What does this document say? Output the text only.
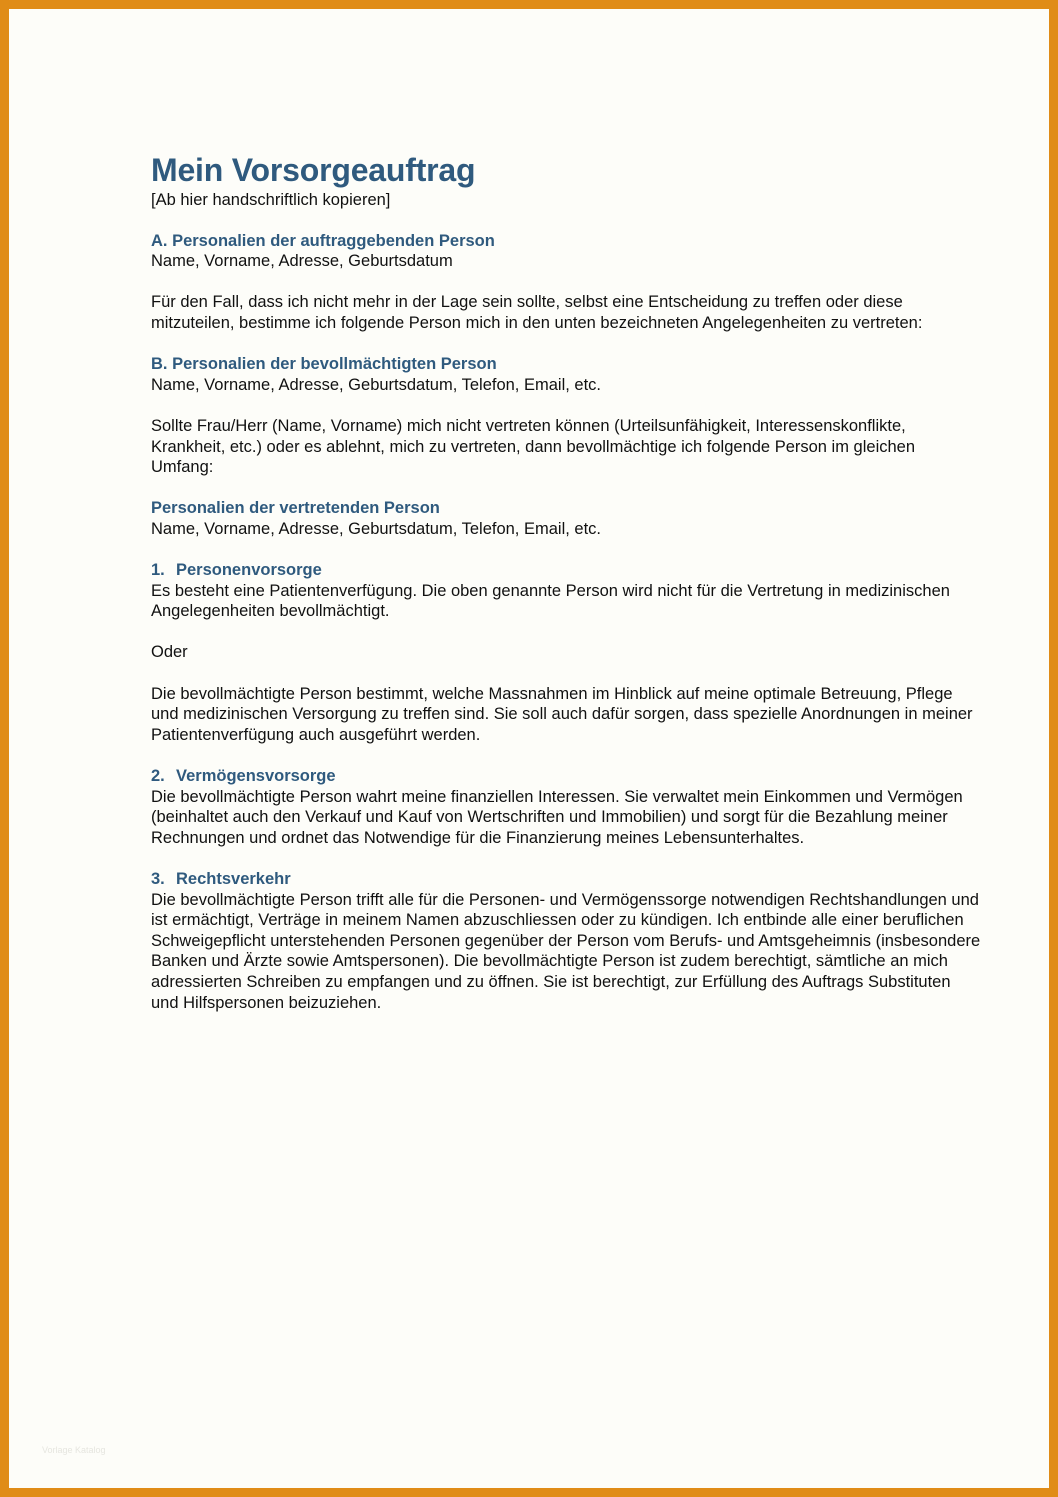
Mein Vorsorgeauftrag
[Ab hier handschriftlich kopieren]
A. Personalien der auftraggebenden Person

Name, Vorname, Adresse, Geburtsdatum

Für den Fall, dass ich nicht mehr in der Lage sein sollte, selbst eine Entscheidung zu treffen oder diese mitzuteilen, bestimme ich folgende Person mich in den unten bezeichneten Angelegenheiten zu vertreten:

B. Personalien der bevollmächtigten Person

Name, Vorname, Adresse, Geburtsdatum, Telefon, Email, etc.

Sollte Frau/Herr (Name, Vorname) mich nicht vertreten können (Urteilsunfähigkeit, Interessenskonflikte, Krankheit, etc.) oder es ablehnt, mich zu vertreten, dann bevollmächtige ich folgende Person im gleichen Umfang:

Personalien der vertretenden Person

Name, Vorname, Adresse, Geburtsdatum, Telefon, Email, etc.

1. Personenvorsorge

Es besteht eine Patientenverfügung. Die oben genannte Person wird nicht für die Vertretung in medizinischen Angelegenheiten bevollmächtigt.

Oder

Die bevollmächtigte Person bestimmt, welche Massnahmen im Hinblick auf meine optimale Betreuung, Pflege und medizinischen Versorgung zu treffen sind. Sie soll auch dafür sorgen, dass spezielle Anordnungen in meiner Patientenverfügung auch ausgeführt werden.

2. Vermögensvorsorge

Die bevollmächtigte Person wahrt meine finanziellen Interessen. Sie verwaltet mein Einkommen und Vermögen (beinhaltet auch den Verkauf und Kauf von Wertschriften und Immobilien) und sorgt für die Bezahlung meiner Rechnungen und ordnet das Notwendige für die Finanzierung meines Lebensunterhaltes.

3. Rechtsverkehr

Die bevollmächtigte Person trifft alle für die Personen- und Vermögenssorge notwendigen Rechtshandlungen und ist ermächtigt, Verträge in meinem Namen abzuschliessen oder zu kündigen. Ich entbinde alle einer beruflichen Schweigepflicht unterstehenden Personen gegenüber der Person vom Berufs- und Amtsgeheimnis (insbesondere Banken und Ärzte sowie Amtspersonen). Die bevollmächtigte Person ist zudem berechtigt, sämtliche an mich adressierten Schreiben zu empfangen und zu öffnen. Sie ist berechtigt, zur Erfüllung des Auftrags Substituten und Hilfspersonen beizuziehen.

Vorlage Katalog
